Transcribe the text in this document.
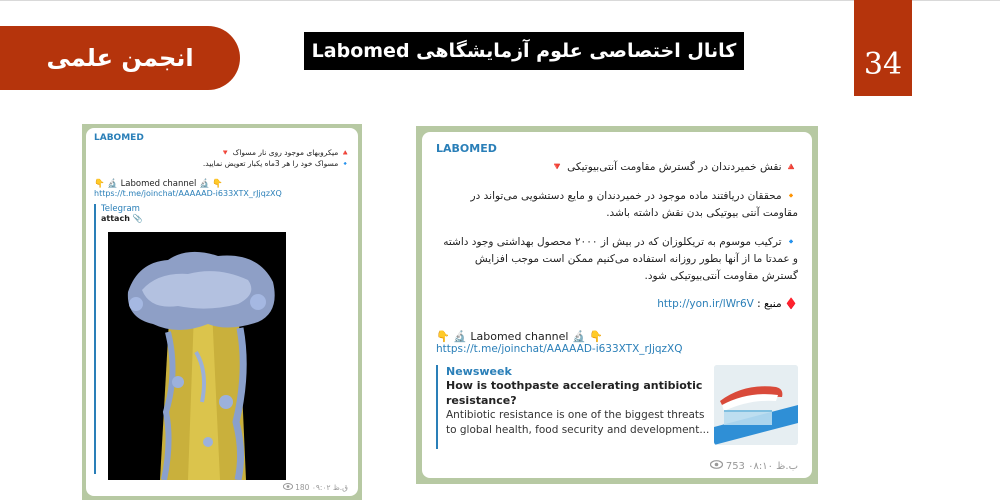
انجمن علمی	کانال اختصاصی علوم آزمایشگاهی Labomed	34
LABOMED
🔺 میکروبهای موجود روی نار مسواک 🔻
🔹 مسواک خود را هر 3ماه یکبار تعویض نمایید.
👇 🔬 Labomed channel 🔬 👇
https://t.me/joinchat/AAAAAD-i633XTX_rJjqzXQ
Telegram
attach 📎
ق.ظ ۰۹:۰۲ 180
LABOMED
🔺 نقش خمیردندان در گسترش مقاومت آنتی‌بیوتیکی 🔻
🔸 محققان دریافتند ماده موجود در خمیردندان و مایع دستشویی می‌تواند در مقاومت آنتی بیوتیکی بدن نقش داشته باشد.
🔹 ترکیب موسوم به تریکلوزان که در بیش از ۲۰۰۰ محصول بهداشتی وجود داشته و عمدتا ما از آنها بطور روزانه استفاده می‌کنیم ممکن است موجب افزایش گسترش مقاومت آنتی‌بیوتیکی شود.
♦️ منبع : http://yon.ir/lWr6V
👇 🔬 Labomed channel 🔬 👇
https://t.me/joinchat/AAAAAD-i633XTX_rJjqzXQ
Newsweek
How is toothpaste accelerating antibiotic resistance?
Antibiotic resistance is one of the biggest threats to global health, food security and development...
ب.ظ ۰۸:۱۰ 753
